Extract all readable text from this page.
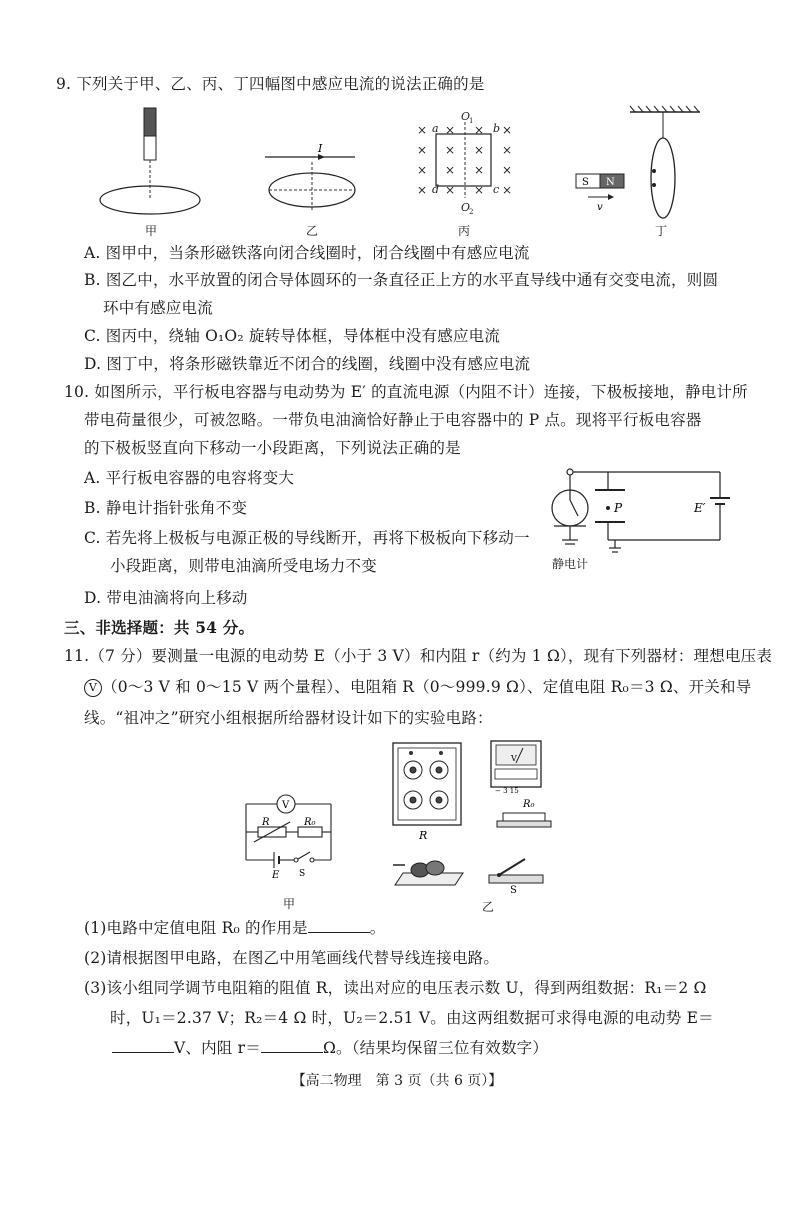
9. 下列关于甲、乙、丙、丁四幅图中感应电流的说法正确的是
I
O
1
O
2
a	b
c
d
× × × ×
× × × ×
× × × ×
× × × ×
S N
v
甲	乙	丙	丁
A. 图甲中，当条形磁铁落向闭合线圈时，闭合线圈中有感应电流
B. 图乙中，水平放置的闭合导体圆环的一条直径正上方的水平直导线中通有交变电流，则圆
环中有感应电流
C. 图丙中，绕轴 O₁O₂ 旋转导体框，导体框中没有感应电流
D. 图丁中，将条形磁铁靠近不闭合的线圈，线圈中没有感应电流
10. 如图所示，平行板电容器与电动势为 E′ 的直流电源（内阻不计）连接，下极板接地，静电计所
带电荷量很少，可被忽略。一带负电油滴恰好静止于电容器中的 P 点。现将平行板电容器
的下极板竖直向下移动一小段距离，下列说法正确的是
A. 平行板电容器的电容将变大
B. 静电计指针张角不变
C. 若先将上极板与电源正极的导线断开，再将下极板向下移动一
小段距离，则带电油滴所受电场力不变
D. 带电油滴将向上移动
P	E′
静电计
三、非选择题：共 54 分。
11.（7 分）要测量一电源的电动势 E（小于 3 V）和内阻 r（约为 1 Ω），现有下列器材：理想电压表
V （0～3 V 和 0～15 V 两个量程）、电阻箱 R（0～999.9 Ω）、定值电阻 R₀＝3 Ω、开关和导
线。“祖冲之”研究小组根据所给器材设计如下的实验电路：
V
R	R₀
E S
甲
R
V
− 3 15
R₀
S
乙
(1)电路中定值电阻 R₀ 的作用是	。
(2)请根据图甲电路，在图乙中用笔画线代替导线连接电路。
(3)该小组同学调节电阻箱的阻值 R，读出对应的电压表示数 U，得到两组数据：R₁＝2 Ω
时，U₁＝2.37 V；R₂＝4 Ω 时，U₂＝2.51 V。由这两组数据可求得电源的电动势 E＝
V、内阻 r＝	Ω。（结果均保留三位有效数字）
【高二物理　第 3 页（共 6 页）】
